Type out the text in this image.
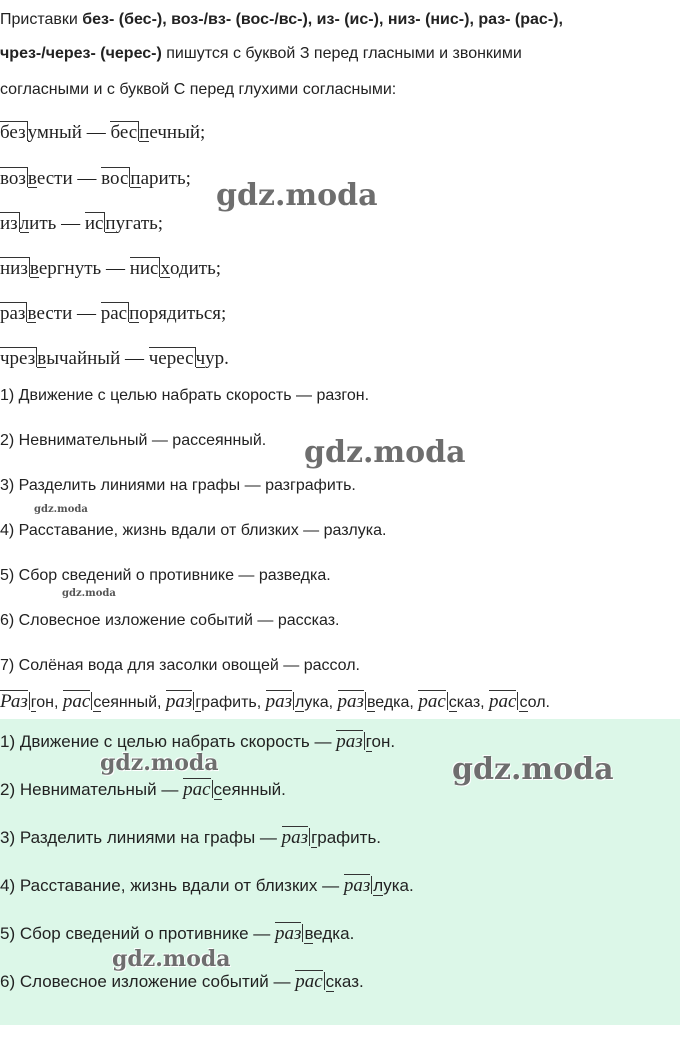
Приставки без- (бес-), воз-/вз- (вос-/вс-), из- (ис-), низ- (нис-), раз- (рас-),
чрез-/через- (черес-) пишутся с буквой З перед гласными и звонкими
согласными и с буквой С перед глухими согласными:
без умный — бес печный;
воз вести — вос парить;
из лить — ис пугать;
низ вергнуть — нис ходить;
раз вести — рас порядиться;
чрез вычайный — черес чур.
1) Движение с целью набрать скорость — разгон.
2) Невнимательный — рассеянный.
3) Разделить линиями на графы — разграфить.
4) Расставание, жизнь вдали от близких — разлука.
5) Сбор сведений о противнике — разведка.
6) Словесное изложение событий — рассказ.
7) Солёная вода для засолки овощей — рассол.
Раз гон, рас сеянный, раз графить, раз лука, раз ведка, рас сказ, рас сол.
1) Движение с целью набрать скорость — раз гон.
2) Невнимательный — рас сеянный.
3) Разделить линиями на графы — раз графить.
4) Расставание, жизнь вдали от близких — раз лука.
5) Сбор сведений о противнике — раз ведка.
6) Словесное изложение событий — рас сказ.
gdz.moda
gdz.moda
gdz.moda
gdz.moda
gdz.moda	gdz.moda
gdz.moda
